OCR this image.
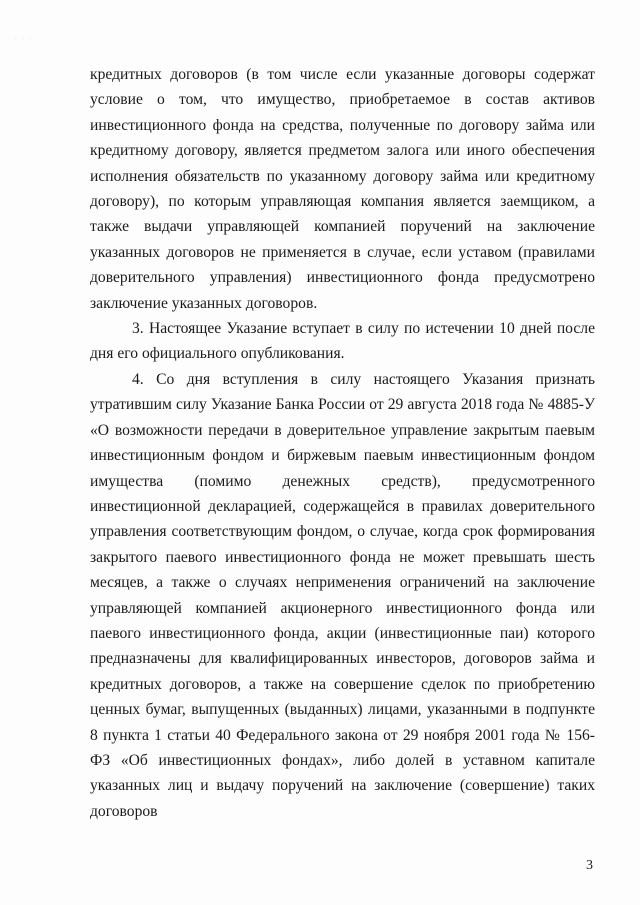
· · ·

кредитных договоров (в том числе если указанные договоры содержат условие о том, что имущество, приобретаемое в состав активов инвестиционного фонда на средства, полученные по договору займа или кредитному договору, является предметом залога или иного обеспечения исполнения обязательств по указанному договору займа или кредитному договору), по которым управляющая компания является заемщиком, а также выдачи управляющей компанией поручений на заключение указанных договоров не применяется в случае, если уставом (правилами доверительного управления) инвестиционного фонда предусмотрено заключение указанных договоров.

3. Настоящее Указание вступает в силу по истечении 10 дней после дня его официального опубликования.

4. Со дня вступления в силу настоящего Указания признать утратившим силу Указание Банка России от 29 августа 2018 года № 4885-У «О возможности передачи в доверительное управление закрытым паевым инвестиционным фондом и биржевым паевым инвестиционным фондом имущества (помимо денежных средств), предусмотренного инвестиционной декларацией, содержащейся в правилах доверительного управления соответствующим фондом, о случае, когда срок формирования закрытого паевого инвестиционного фонда не может превышать шесть месяцев, а также о случаях неприменения ограничений на заключение управляющей компанией акционерного инвестиционного фонда или паевого инвестиционного фонда, акции (инвестиционные паи) которого предназначены для квалифицированных инвесторов, договоров займа и кредитных договоров, а также на совершение сделок по приобретению ценных бумаг, выпущенных (выданных) лицами, указанными в подпункте 8 пункта 1 статьи 40 Федерального закона от 29 ноября 2001 года № 156-ФЗ «Об инвестиционных фондах», либо долей в уставном капитале указанных лиц и выдачу поручений на заключение (совершение) таких договоров

3
